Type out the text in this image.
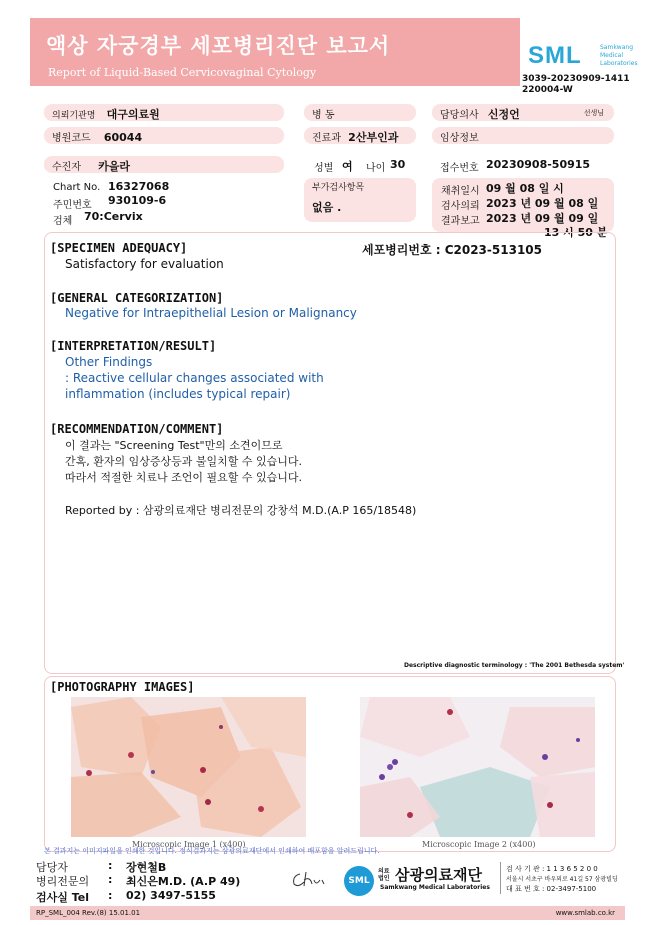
액상 자궁경부 세포병리진단 보고서
Report of Liquid-Based Cervicovaginal Cytology
SML	Samkwang
Medical
Laboratories
3039-20230909-1411
220004-W
의뢰기관명 대구의료원	병 동	담당의사 신정언	선생님
병원코드 60044	진료과 2산부인과	임상정보
수진자 카을라	성별 여 나이 30	접수번호 20230908-50915
Chart No. 16327068
주민번호 930109-6
검체 70:Cervix
부가검사항목
없음 .
채취일시 09 월 08 일 시
검사의뢰 2023 년 09 월 08 일
결과보고 2023 년 09 월 09 일
13 시 50 분
[SPECIMEN ADEQUACY]	세포병리번호 : C2023-513105
Satisfactory for evaluation
[GENERAL CATEGORIZATION]
Negative for Intraepithelial Lesion or Malignancy
[INTERPRETATION/RESULT]
Other Findings
: Reactive cellular changes associated with
inflammation (includes typical repair)
[RECOMMENDATION/COMMENT]
이 결과는 "Screening Test"만의 소견이므로
간혹, 환자의 임상증상등과 불일치할 수 있습니다.
따라서 적절한 치료나 조언이 필요할 수 있습니다.
Reported by : 삼광의료재단 병리전문의 강창석 M.D.(A.P 165/18548)
Descriptive diagnostic terminology : 'The 2001 Bethesda system'
[PHOTOGRAPHY IMAGES]
Microscopic Image 1 (x400)	Microscopic Image 2 (x400)
본 결과지는 이미지파일을 인쇄한 것입니다. 정식결과지는 삼광의료재단에서 인쇄하여 배포함을 알려드립니다.
담당자	: 장현철B
병리전문의 : 최신은M.D. (A.P 49)
검사실 Tel : 02) 3497-5155
SML
의료법인 삼광의료재단
Samkwang Medical Laboratories
검 사 기 관 : 1 1 3 6 5 2 0 0
서울시 서초구 바우뫼로 41길 57 삼광빌딩
대 표 번 호 : 02-3497-5100
RP_SML_004 Rev.(8) 15.01.01	www.smlab.co.kr
